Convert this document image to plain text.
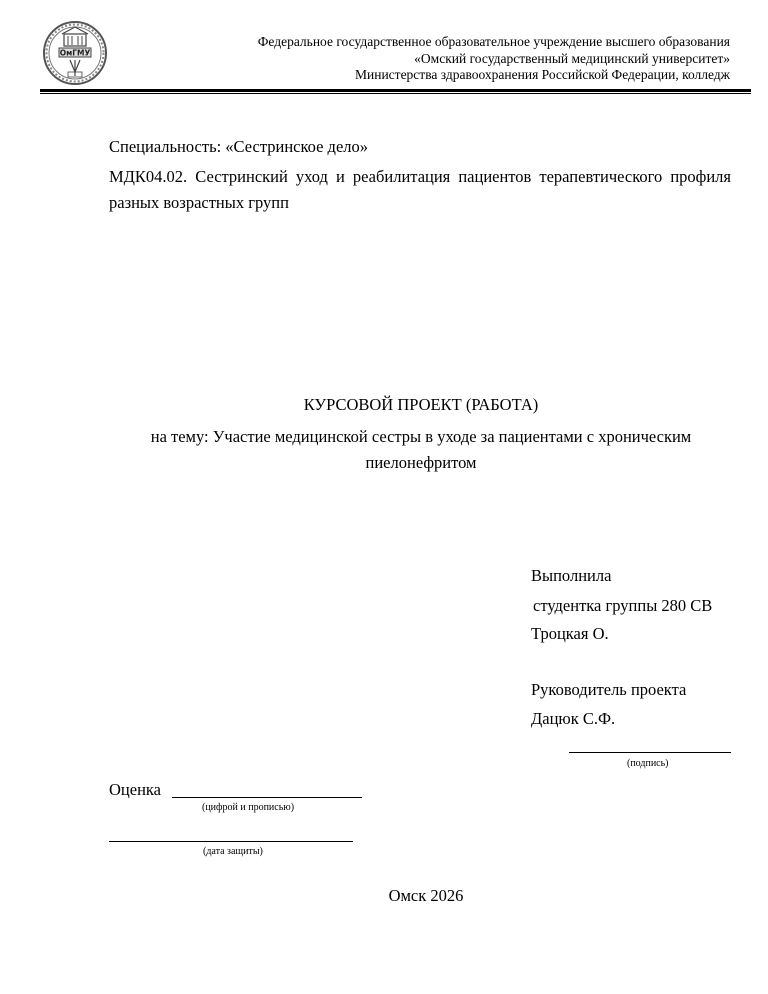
ОмГМУ
Федеральное государственное образовательное учреждение высшего образования
«Омский государственный медицинский университет»
Министерства здравоохранения Российской Федерации, колледж
Специальность: «Сестринское дело»
МДК04.02. Сестринский уход и реабилитация пациентов терапевтического профиля разных возрастных групп
КУРСОВОЙ ПРОЕКТ (РАБОТА)
на тему: Участие медицинской сестры в уходе за пациентами с хроническим
пиелонефритом
Выполнила
студентка группы 280 СВ
Троцкая О.
Руководитель проекта
Дацюк С.Ф.
(подпись)
Оценка
(цифрой и прописью)
(дата защиты)
Омск 2026
